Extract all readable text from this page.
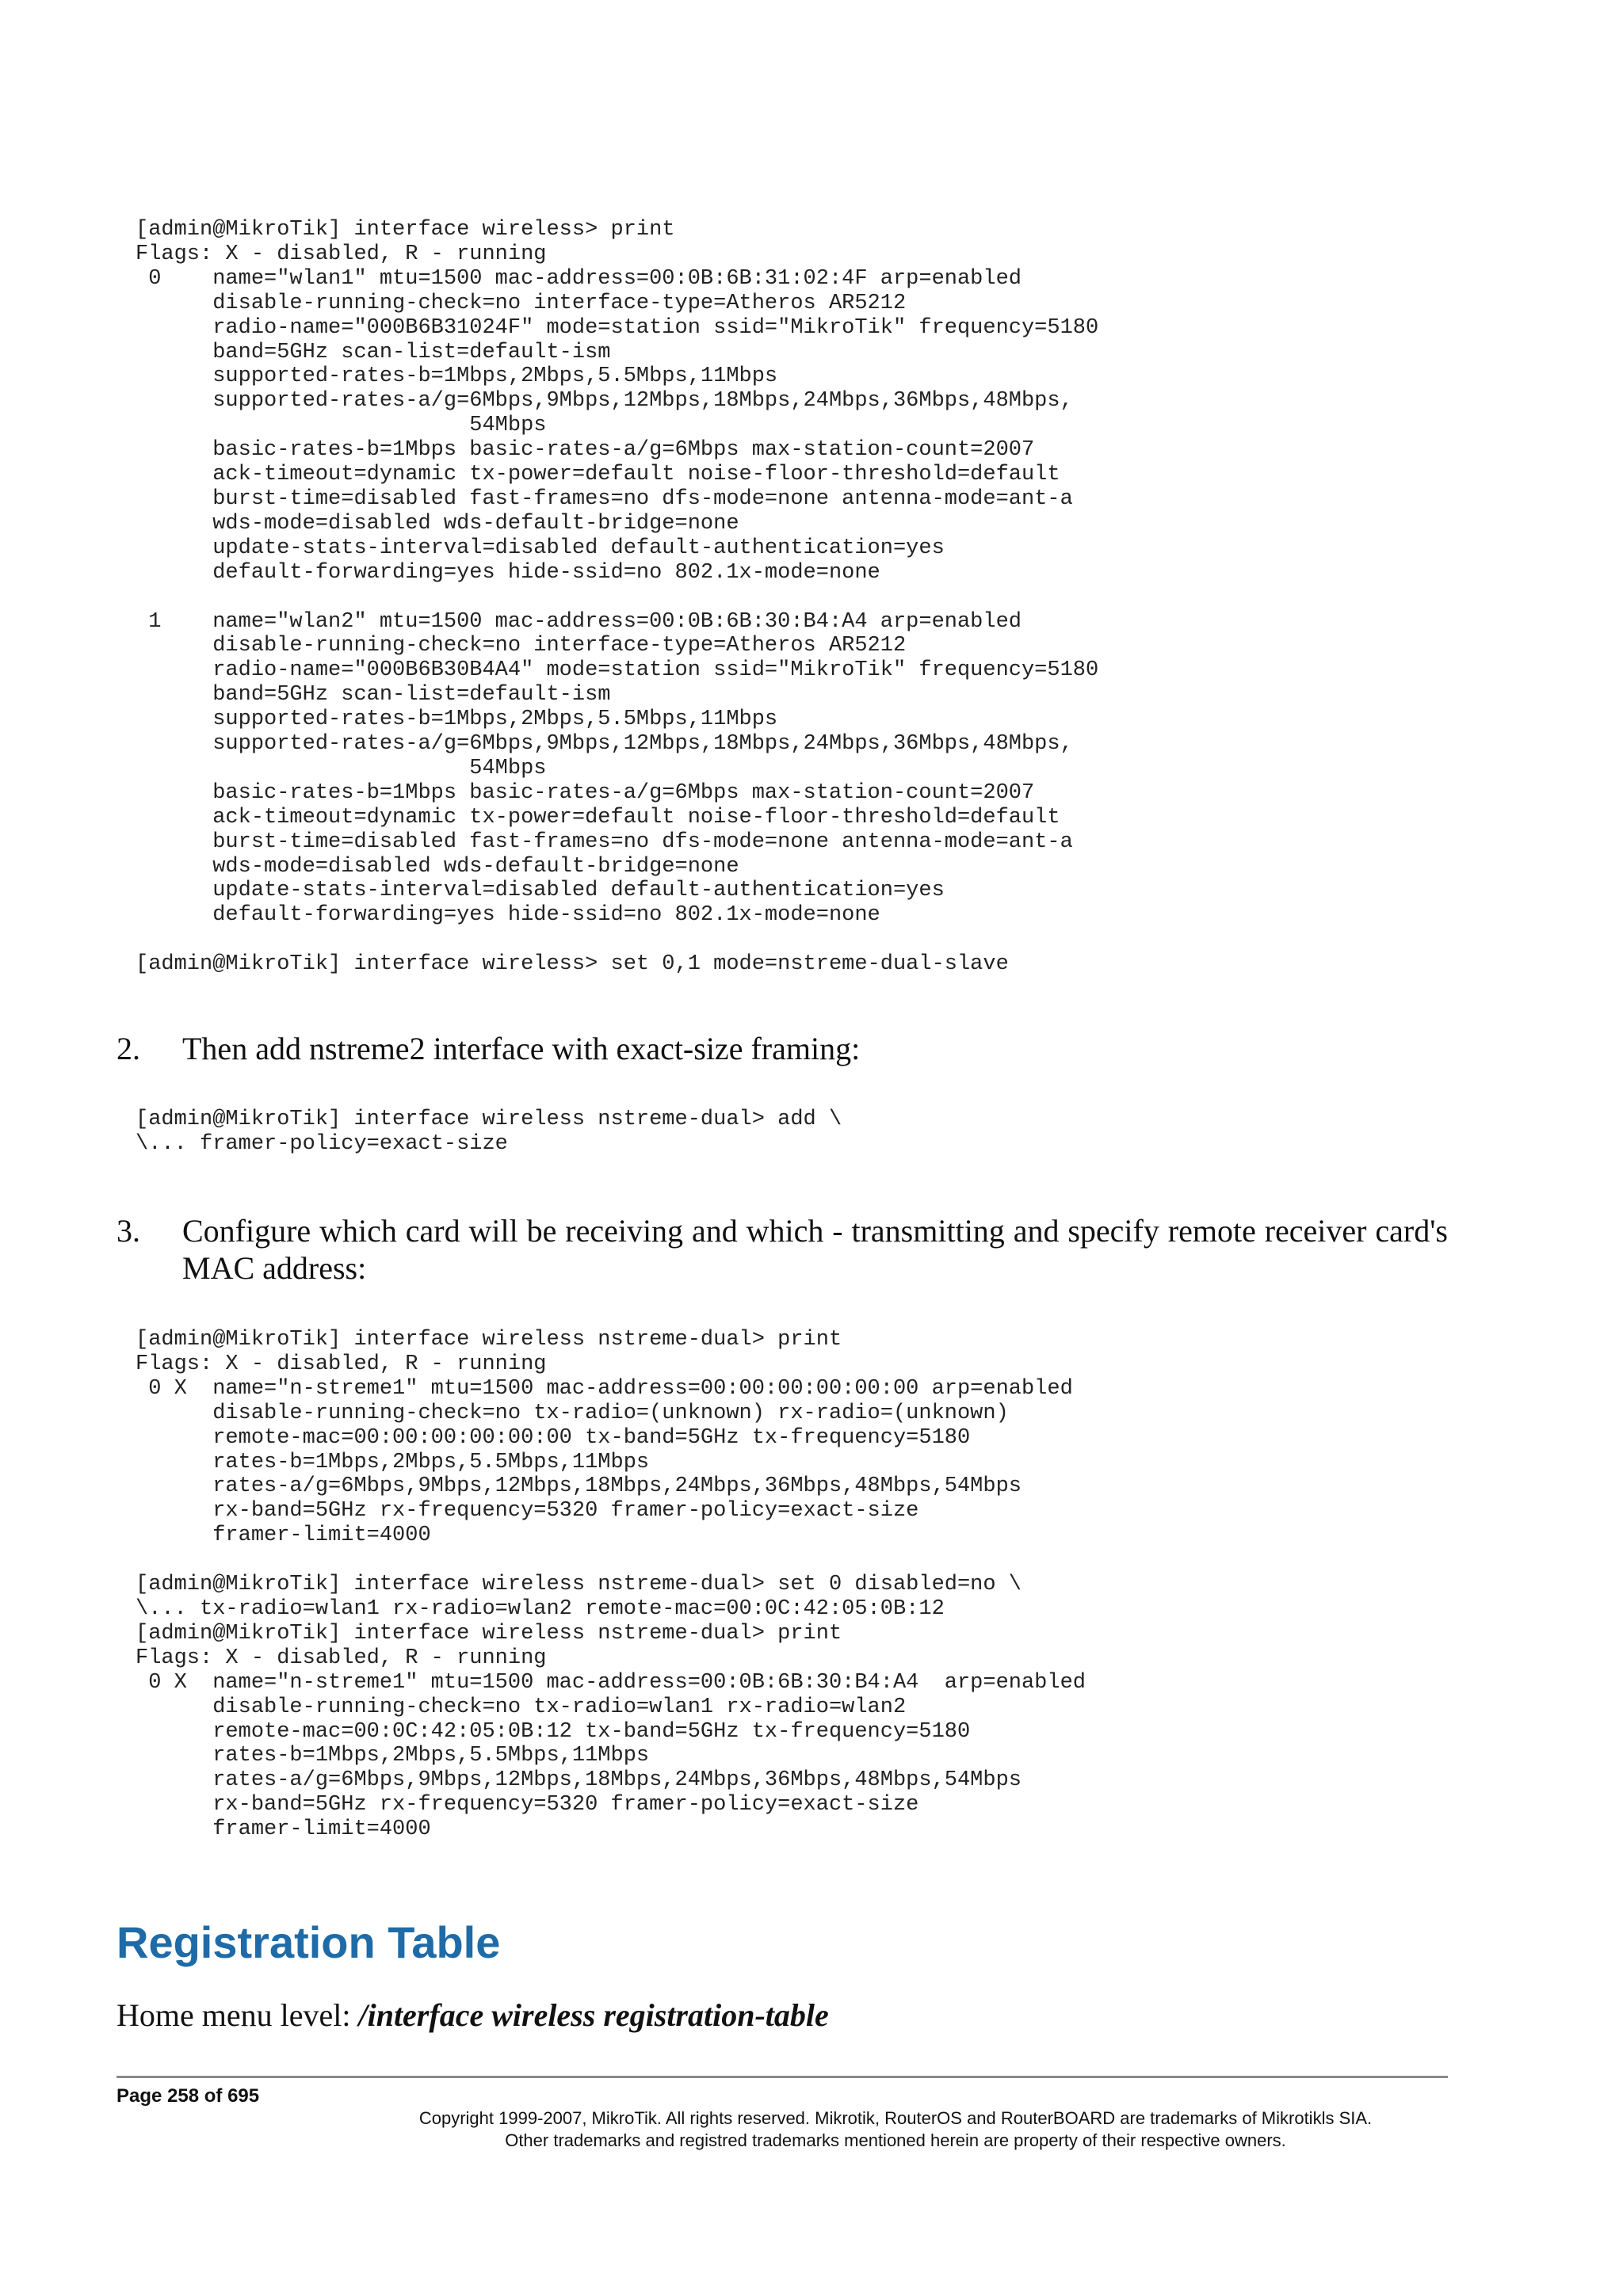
[admin@MikroTik] interface wireless> print
Flags: X - disabled, R - running
0    name="wlan1" mtu=1500 mac-address=00:0B:6B:31:02:4F arp=enabled
disable-running-check=no interface-type=Atheros AR5212
radio-name="000B6B31024F" mode=station ssid="MikroTik" frequency=5180
band=5GHz scan-list=default-ism
supported-rates-b=1Mbps,2Mbps,5.5Mbps,11Mbps
supported-rates-a/g=6Mbps,9Mbps,12Mbps,18Mbps,24Mbps,36Mbps,48Mbps,
54Mbps
basic-rates-b=1Mbps basic-rates-a/g=6Mbps max-station-count=2007
ack-timeout=dynamic tx-power=default noise-floor-threshold=default
burst-time=disabled fast-frames=no dfs-mode=none antenna-mode=ant-a
wds-mode=disabled wds-default-bridge=none
update-stats-interval=disabled default-authentication=yes
default-forwarding=yes hide-ssid=no 802.1x-mode=none

1    name="wlan2" mtu=1500 mac-address=00:0B:6B:30:B4:A4 arp=enabled
disable-running-check=no interface-type=Atheros AR5212
radio-name="000B6B30B4A4" mode=station ssid="MikroTik" frequency=5180
band=5GHz scan-list=default-ism
supported-rates-b=1Mbps,2Mbps,5.5Mbps,11Mbps
supported-rates-a/g=6Mbps,9Mbps,12Mbps,18Mbps,24Mbps,36Mbps,48Mbps,
54Mbps
basic-rates-b=1Mbps basic-rates-a/g=6Mbps max-station-count=2007
ack-timeout=dynamic tx-power=default noise-floor-threshold=default
burst-time=disabled fast-frames=no dfs-mode=none antenna-mode=ant-a
wds-mode=disabled wds-default-bridge=none
update-stats-interval=disabled default-authentication=yes
default-forwarding=yes hide-ssid=no 802.1x-mode=none

[admin@MikroTik] interface wireless> set 0,1 mode=nstreme-dual-slave
2. Then add nstreme2 interface with exact-size framing:
[admin@MikroTik] interface wireless nstreme-dual> add \
\... framer-policy=exact-size
3. Configure which card will be receiving and which - transmitting and specify remote receiver card's MAC address:
[admin@MikroTik] interface wireless nstreme-dual> print
Flags: X - disabled, R - running
0 X  name="n-streme1" mtu=1500 mac-address=00:00:00:00:00:00 arp=enabled
disable-running-check=no tx-radio=(unknown) rx-radio=(unknown)
remote-mac=00:00:00:00:00:00 tx-band=5GHz tx-frequency=5180
rates-b=1Mbps,2Mbps,5.5Mbps,11Mbps
rates-a/g=6Mbps,9Mbps,12Mbps,18Mbps,24Mbps,36Mbps,48Mbps,54Mbps
rx-band=5GHz rx-frequency=5320 framer-policy=exact-size
framer-limit=4000

[admin@MikroTik] interface wireless nstreme-dual> set 0 disabled=no \
\... tx-radio=wlan1 rx-radio=wlan2 remote-mac=00:0C:42:05:0B:12
[admin@MikroTik] interface wireless nstreme-dual> print
Flags: X - disabled, R - running
0 X  name="n-streme1" mtu=1500 mac-address=00:0B:6B:30:B4:A4  arp=enabled
disable-running-check=no tx-radio=wlan1 rx-radio=wlan2
remote-mac=00:0C:42:05:0B:12 tx-band=5GHz tx-frequency=5180
rates-b=1Mbps,2Mbps,5.5Mbps,11Mbps
rates-a/g=6Mbps,9Mbps,12Mbps,18Mbps,24Mbps,36Mbps,48Mbps,54Mbps
rx-band=5GHz rx-frequency=5320 framer-policy=exact-size
framer-limit=4000
Registration Table
Home menu level: /interface wireless registration-table
Page 258 of 695
Copyright 1999-2007, MikroTik. All rights reserved. Mikrotik, RouterOS and RouterBOARD are trademarks of Mikrotikls SIA.
Other trademarks and registred trademarks mentioned herein are property of their respective owners.
